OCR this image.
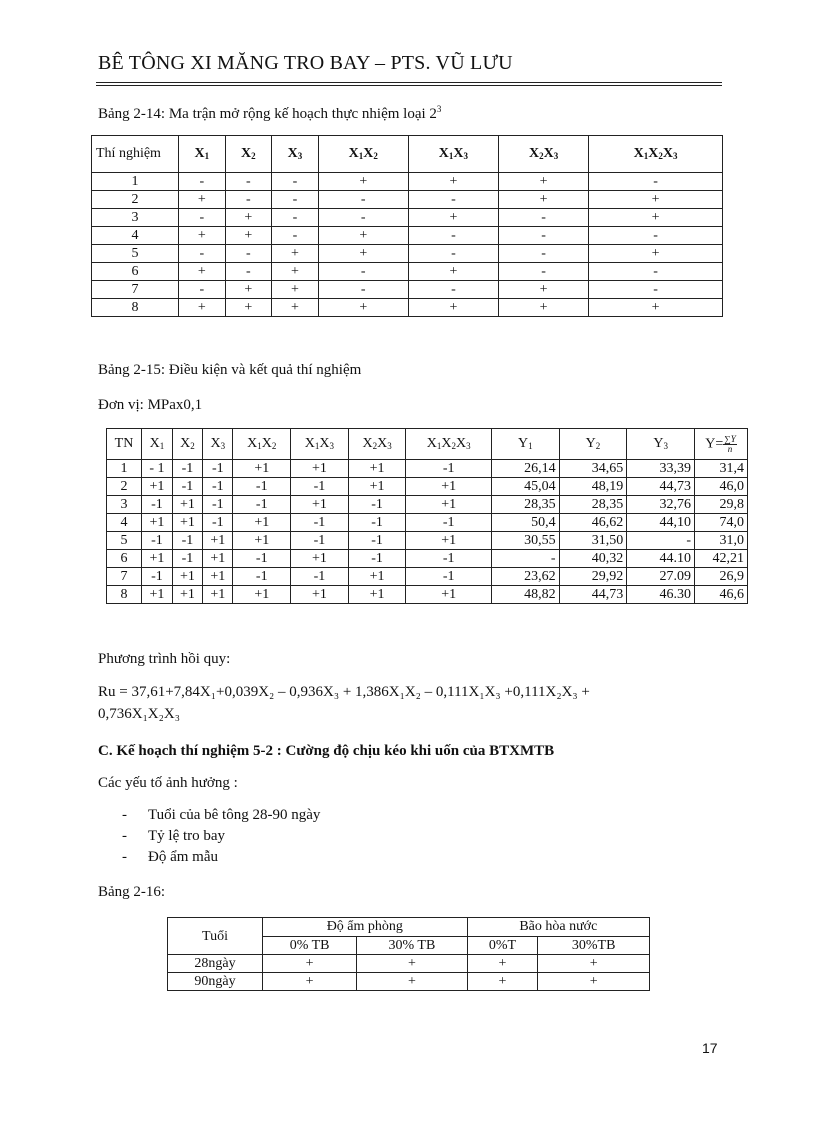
BÊ TÔNG XI MĂNG TRO BAY – PTS. VŨ LƯU
Bảng 2-14: Ma trận mở rộng kế hoạch thực nhiệm loại $2^3$
Thí nghiệm	$X_1$	$X_2$	$X_3$	$X_1X_2$	$X_1X_3$	$X_2X_3$	$X_1X_2X_3$
1	-	-	-	+	+	+	-
2	+	-	-	-	-	+	+
3	-	+	-	-	+	-	+
4	+	+	-	+	-	-	-
5	-	-	+	+	-	-	+
6	+	-	+	-	+	-	-
7	-	+	+	-	-	+	-
8	+	+	+	+	+	+	+
Bảng 2-15: Điều kiện và kết quả thí nghiệm
Đơn vị: MPax0,1
TN	$X_1$	$X_2$	$X_3$	$X_1X_2$	$X_1X_3$	$X_2X_3$	$X_1X_2X_3$	$Y_1$	$Y_2$	$Y_3$	$Y= \frac{\sum Y}{n}$

1	- 1	-1	-1	+1	+1	+1	-1	26,14	34,65	33,39	31,4
2	+1	-1	-1	-1	-1	+1	+1	45,04	48,19	44,73	46,0
3	-1	+1	-1	-1	+1	-1	+1	28,35	28,35	32,76	29,8
4	+1	+1	-1	+1	-1	-1	-1	50,4	46,62	44,10	74,0
5	-1	-1	+1	+1	-1	-1	+1	30,55	31,50	-	31,0
6	+1	-1	+1	-1	+1	-1	-1	-	40,32	44.10	42,21
7	-1	+1	+1	-1	-1	+1	-1	23,62	29,92	27.09	26,9
8	+1	+1	+1	+1	+1	+1	+1	48,82	44,73	46.30	46,6
Phương trình hồi quy:
Ru = 37,61+7,84X₁+0,039X₂ – 0,936X₃ + 1,386X₁X₂ – 0,111X₁X₃ +0,111X₂X₃ +
0,736X₁X₂X₃
C. Kế hoạch thí nghiệm 5-2 : Cường độ chịu kéo khi uốn của BTXMTB
Các yếu tố ảnh hưởng :
- Tuổi của bê tông 28-90 ngày
- Tỷ lệ tro bay
- Độ ẩm mẫu
Bảng 2-16:
Tuổi	Độ ẩm phòng		Bão hòa nước	
	0% TB	30% TB	0%T	30%TB
28ngày	+	+	+	+
90ngày	+	+	+	+
17
